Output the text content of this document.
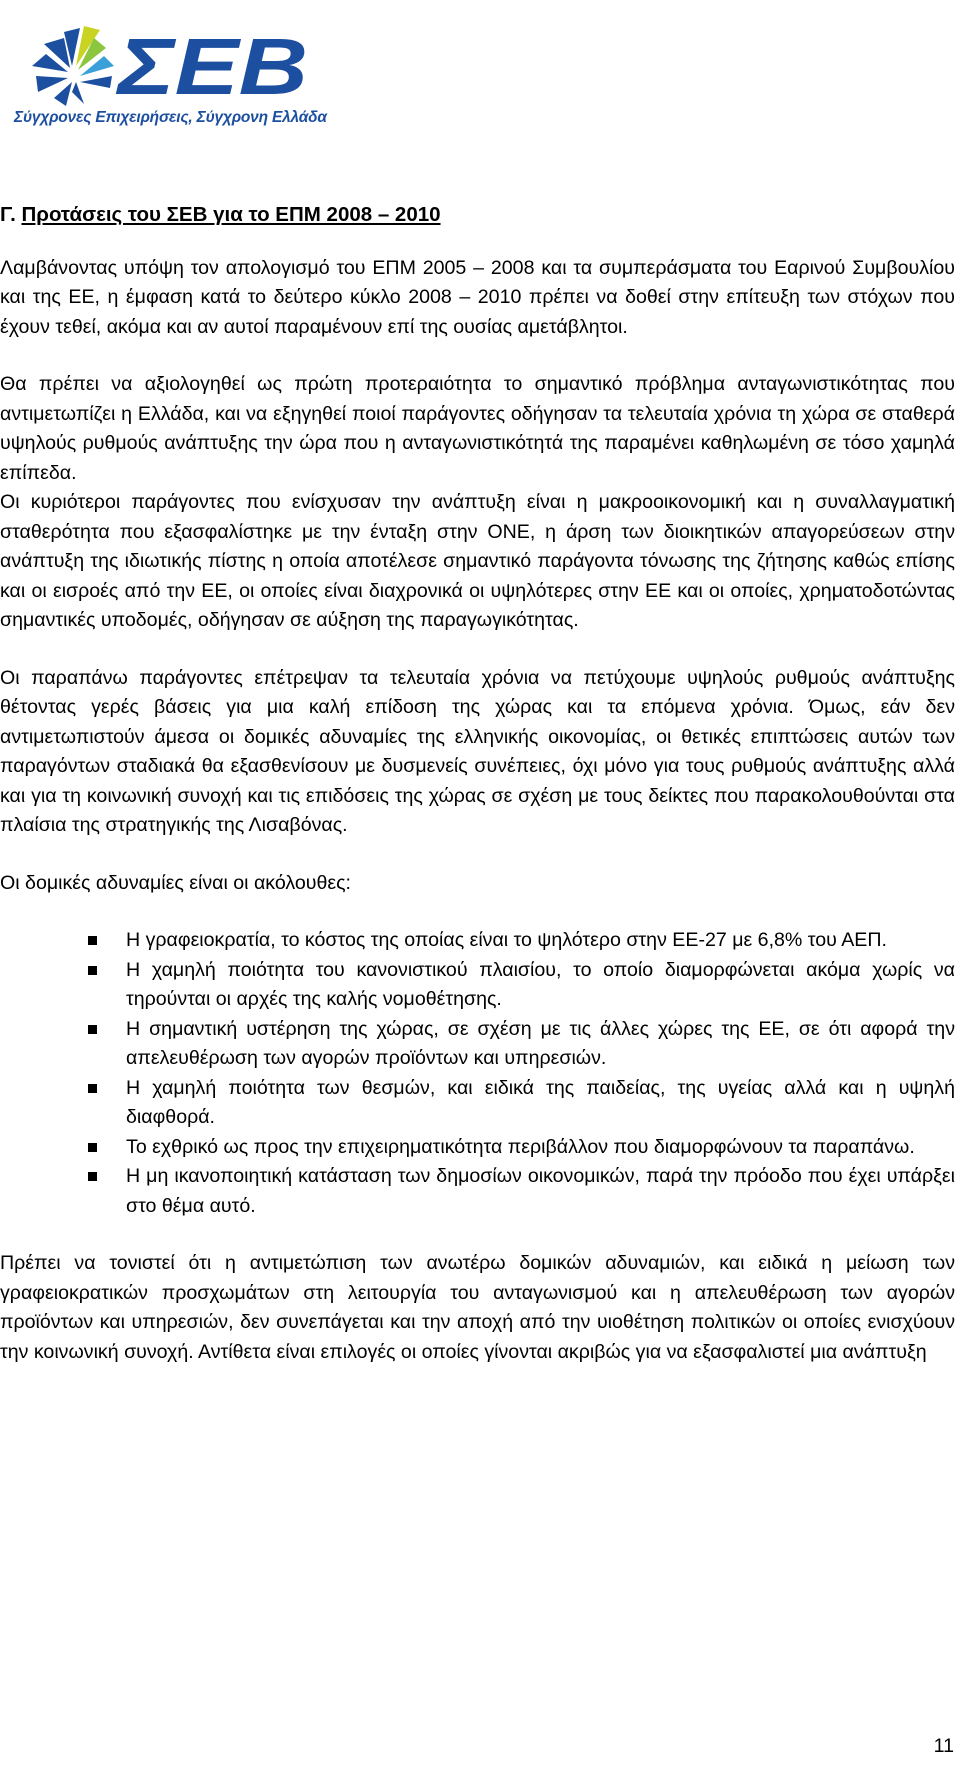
ΣΕΒ
Σύγχρονες Επιχειρήσεις, Σύγχρονη Ελλάδα
Γ. Προτάσεις του ΣΕΒ για το ΕΠΜ 2008 – 2010

Λαμβάνοντας υπόψη τον απολογισμό του ΕΠΜ 2005 – 2008 και τα συμπεράσματα του Εαρινού Συμβουλίου και της ΕΕ, η έμφαση κατά το δεύτερο κύκλο 2008 – 2010 πρέπει να δοθεί στην επίτευξη των στόχων που έχουν τεθεί, ακόμα και αν αυτοί παραμένουν επί της ουσίας αμετάβλητοι.

Θα πρέπει να αξιολογηθεί ως πρώτη προτεραιότητα το σημαντικό πρόβλημα ανταγωνιστικότητας που αντιμετωπίζει η Ελλάδα, και να εξηγηθεί ποιοί παράγοντες οδήγησαν τα τελευταία χρόνια τη χώρα σε σταθερά υψηλούς ρυθμούς ανάπτυξης την ώρα που η ανταγωνιστικότητά της παραμένει καθηλωμένη σε τόσο χαμηλά επίπεδα.

Οι κυριότεροι παράγοντες που ενίσχυσαν την ανάπτυξη είναι η μακροοικονομική και η συναλλαγματική σταθερότητα που εξασφαλίστηκε με την ένταξη στην ΟΝΕ, η άρση των διοικητικών απαγορεύσεων στην ανάπτυξη της ιδιωτικής πίστης η οποία αποτέλεσε σημαντικό παράγοντα τόνωσης της ζήτησης καθώς επίσης και οι εισροές από την ΕΕ, οι οποίες είναι διαχρονικά οι υψηλότερες στην ΕΕ και οι οποίες, χρηματοδοτώντας σημαντικές υποδομές, οδήγησαν σε αύξηση της παραγωγικότητας.

Οι παραπάνω παράγοντες επέτρεψαν τα τελευταία χρόνια να πετύχουμε υψηλούς ρυθμούς ανάπτυξης θέτοντας γερές βάσεις για μια καλή επίδοση της χώρας και τα επόμενα χρόνια. Όμως, εάν δεν αντιμετωπιστούν άμεσα οι δομικές αδυναμίες της ελληνικής οικονομίας, οι θετικές επιπτώσεις αυτών των παραγόντων σταδιακά θα εξασθενίσουν με δυσμενείς συνέπειες, όχι μόνο για τους ρυθμούς ανάπτυξης αλλά και για τη κοινωνική συνοχή και τις επιδόσεις της χώρας σε σχέση με τους δείκτες που παρακολουθούνται στα πλαίσια της στρατηγικής της Λισαβόνας.

Οι δομικές αδυναμίες είναι οι ακόλουθες:

Η γραφειοκρατία, το κόστος της οποίας είναι το ψηλότερο στην ΕΕ-27 με 6,8% του ΑΕΠ.
Η χαμηλή ποιότητα του κανονιστικού πλαισίου, το οποίο διαμορφώνεται ακόμα χωρίς να τηρούνται οι αρχές της καλής νομοθέτησης.
Η σημαντική υστέρηση της χώρας, σε σχέση με τις άλλες χώρες της ΕΕ, σε ότι αφορά την απελευθέρωση των αγορών προϊόντων και υπηρεσιών.
Η χαμηλή ποιότητα των θεσμών, και ειδικά της παιδείας, της υγείας αλλά και η υψηλή διαφθορά.
Το εχθρικό ως προς την επιχειρηματικότητα περιβάλλον που διαμορφώνουν τα παραπάνω.
Η μη ικανοποιητική κατάσταση των δημοσίων οικονομικών, παρά την πρόοδο που έχει υπάρξει στο θέμα αυτό.

Πρέπει να τονιστεί ότι η αντιμετώπιση των ανωτέρω δομικών αδυναμιών, και ειδικά η μείωση των γραφειοκρατικών προσχωμάτων στη λειτουργία του ανταγωνισμού και η απελευθέρωση των αγορών προϊόντων και υπηρεσιών, δεν συνεπάγεται και την αποχή από την υιοθέτηση πολιτικών οι οποίες ενισχύουν την κοινωνική συνοχή. Αντίθετα είναι επιλογές οι οποίες γίνονται ακριβώς για να εξασφαλιστεί μια ανάπτυξη

11
